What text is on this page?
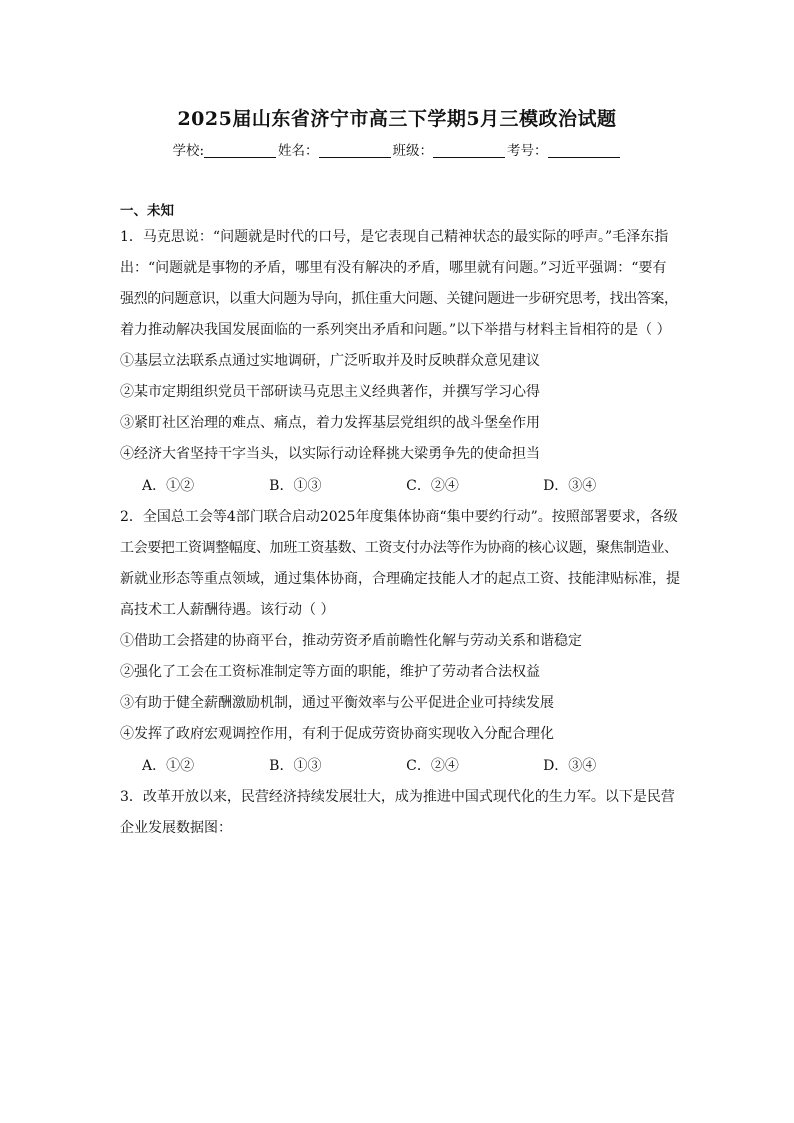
2025届山东省济宁市高三下学期5月三模政治试题
学校:	姓名：	班级：	考号：
一、未知
1．马克思说：“问题就是时代的口号，是它表现自己精神状态的最实际的呼声。”毛泽东指
出：“问题就是事物的矛盾，哪里有没有解决的矛盾，哪里就有问题。”习近平强调：“要有
强烈的问题意识，以重大问题为导向，抓住重大问题、关键问题进一步研究思考，找出答案，
着力推动解决我国发展面临的一系列突出矛盾和问题。”以下举措与材料主旨相符的是（ ）
①基层立法联系点通过实地调研，广泛听取并及时反映群众意见建议
②某市定期组织党员干部研读马克思主义经典著作，并撰写学习心得
③紧盯社区治理的难点、痛点，着力发挥基层党组织的战斗堡垒作用
④经济大省坚持干字当头，以实际行动诠释挑大梁勇争先的使命担当
A．①②	B．①③	C．②④	D．③④
2．全国总工会等4部门联合启动2025年度集体协商“集中要约行动”。按照部署要求，各级
工会要把工资调整幅度、加班工资基数、工资支付办法等作为协商的核心议题，聚焦制造业、
新就业形态等重点领域，通过集体协商，合理确定技能人才的起点工资、技能津贴标准，提
高技术工人薪酬待遇。该行动（ ）
①借助工会搭建的协商平台，推动劳资矛盾前瞻性化解与劳动关系和谐稳定
②强化了工会在工资标准制定等方面的职能，维护了劳动者合法权益
③有助于健全薪酬激励机制，通过平衡效率与公平促进企业可持续发展
④发挥了政府宏观调控作用，有利于促成劳资协商实现收入分配合理化
A．①②	B．①③	C．②④	D．③④
3．改革开放以来，民营经济持续发展壮大，成为推进中国式现代化的生力军。以下是民营
企业发展数据图：
